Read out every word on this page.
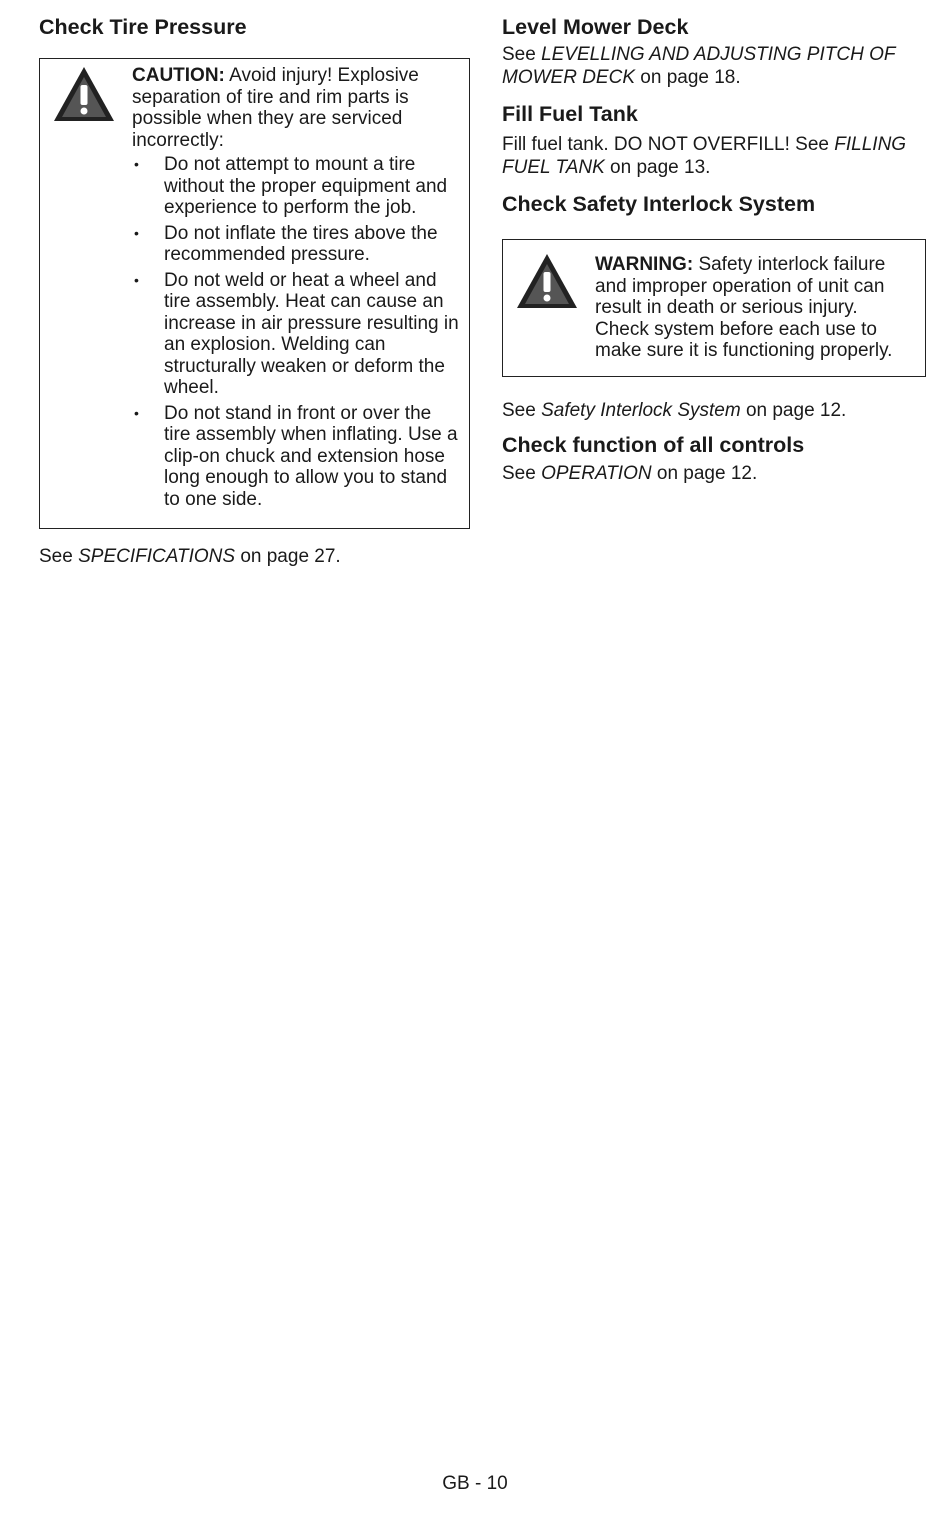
Check Tire Pressure
CAUTION: Avoid injury! Explosive separation of tire and rim parts is possible when they are serviced incorrectly:
• Do not attempt to mount a tire without the proper equipment and experience to perform the job.
• Do not inflate the tires above the recommended pressure.
• Do not weld or heat a wheel and tire assembly. Heat can cause an increase in air pressure resulting in an explosion. Welding can structurally weaken or deform the wheel.
• Do not stand in front or over the tire assembly when inflating. Use a clip-on chuck and extension hose long enough to allow you to stand to one side.

See SPECIFICATIONS on page 27.

Level Mower Deck

See LEVELLING AND ADJUSTING PITCH OF MOWER DECK on page 18.

Fill Fuel Tank

Fill fuel tank. DO NOT OVERFILL! See FILLING FUEL TANK on page 13.

Check Safety Interlock System
WARNING: Safety interlock failure and improper operation of unit can result in death or serious injury. Check system before each use to make sure it is functioning properly.

See Safety Interlock System on page 12.

Check function of all controls

See OPERATION on page 12.

GB - 10
